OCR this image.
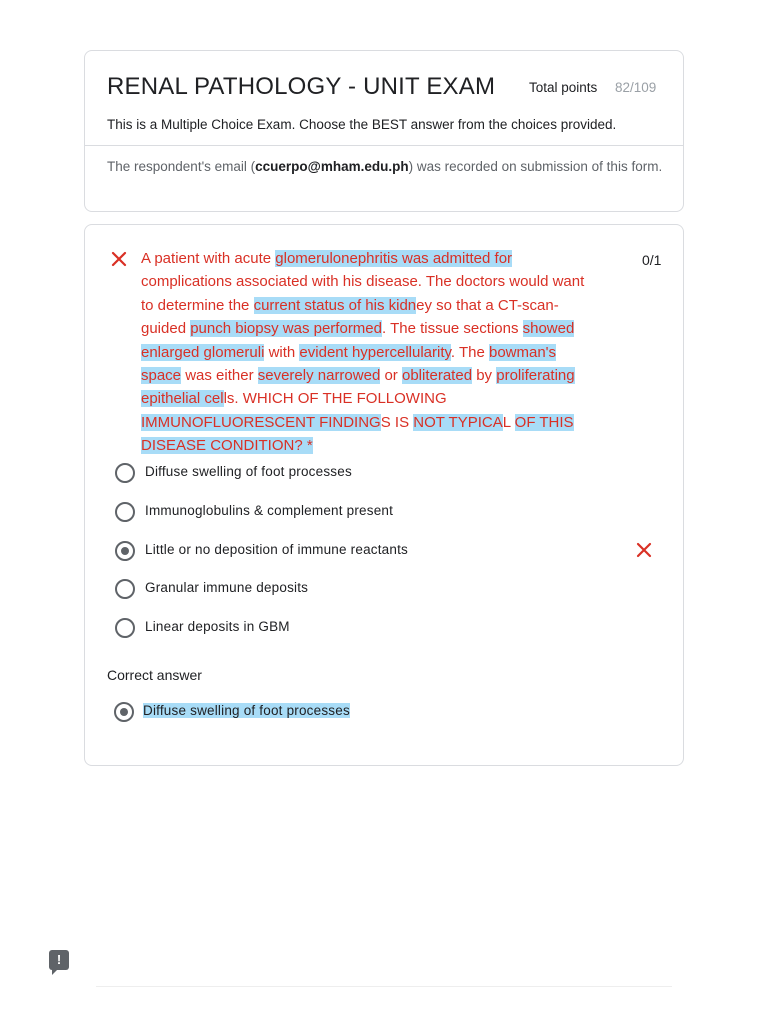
RENAL PATHOLOGY - UNIT EXAM	Total points 82/109
This is a Multiple Choice Exam. Choose the BEST answer from the choices provided.
The respondent's email (ccuerpo@mham.edu.ph) was recorded on submission of this form.
A patient with acute glomerulonephritis was admitted for complications associated with his disease. The doctors would want to determine the current status of his kidney so that a CT-scan-guided punch biopsy was performed. The tissue sections showed enlarged glomeruli with evident hypercellularity. The bowman's space was either severely narrowed or obliterated by proliferating epithelial cells. WHICH OF THE FOLLOWING IMMUNOFLUORESCENT FINDINGS IS NOT TYPICAL OF THIS DISEASE CONDITION? *
0/1
Diffuse swelling of foot processes
Immunoglobulins & complement present
Little or no deposition of immune reactants
Granular immune deposits
Linear deposits in GBM
Correct answer
Diffuse swelling of foot processes
!
